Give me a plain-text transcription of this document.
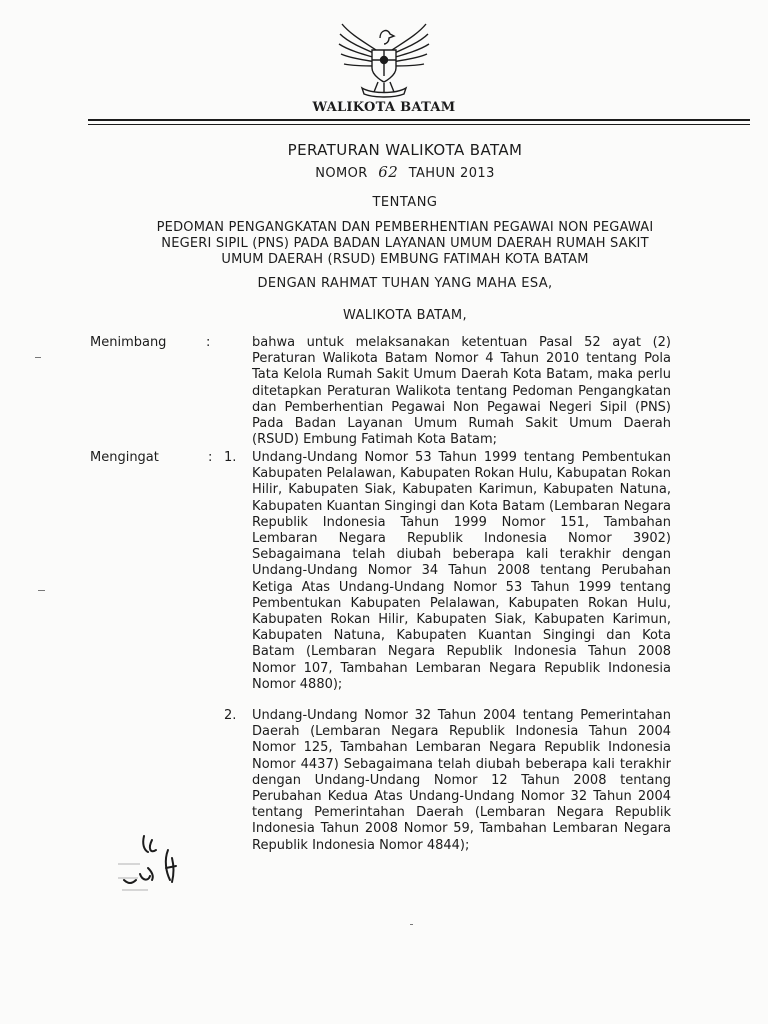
WALIKOTA BATAM
PERATURAN WALIKOTA BATAM
NOMOR 62 TAHUN 2013
TENTANG
PEDOMAN PENGANGKATAN DAN PEMBERHENTIAN PEGAWAI NON PEGAWAI
NEGERI SIPIL (PNS) PADA BADAN LAYANAN UMUM DAERAH RUMAH SAKIT
UMUM DAERAH (RSUD) EMBUNG FATIMAH KOTA BATAM
DENGAN RAHMAT TUHAN YANG MAHA ESA,
WALIKOTA BATAM,
Menimbang	:	bahwa untuk melaksanakan ketentuan Pasal 52 ayat (2) Peraturan Walikota Batam Nomor 4 Tahun 2010 tentang Pola Tata Kelola Rumah Sakit Umum Daerah Kota Batam, maka perlu ditetapkan Peraturan Walikota tentang Pedoman Pengangkatan dan Pemberhentian Pegawai Non Pegawai Negeri Sipil (PNS) Pada Badan Layanan Umum Rumah Sakit Umum Daerah (RSUD) Embung Fatimah Kota Batam;

Mengingat	: 1. Undang-Undang Nomor 53 Tahun 1999 tentang Pembentukan Kabupaten Pelalawan, Kabupaten Rokan Hulu, Kabupatan Rokan Hilir, Kabupaten Siak, Kabupaten Karimun, Kabupaten Natuna, Kabupaten Kuantan Singingi dan Kota Batam (Lembaran Negara Republik Indonesia Tahun 1999 Nomor 151, Tambahan Lembaran Negara Republik Indonesia Nomor 3902) Sebagaimana telah diubah beberapa kali terakhir dengan Undang-Undang Nomor 34 Tahun 2008 tentang Perubahan Ketiga Atas Undang-Undang Nomor 53 Tahun 1999 tentang Pembentukan Kabupaten Pelalawan, Kabupaten Rokan Hulu, Kabupaten Rokan Hilir, Kabupaten Siak, Kabupaten Karimun, Kabupaten Natuna, Kabupaten Kuantan Singingi dan Kota Batam (Lembaran Negara Republik Indonesia Tahun 2008 Nomor 107, Tambahan Lembaran Negara Republik Indonesia Nomor 4880);

2. Undang-Undang Nomor 32 Tahun 2004 tentang Pemerintahan Daerah (Lembaran Negara Republik Indonesia Tahun 2004 Nomor 125, Tambahan Lembaran Negara Republik Indonesia Nomor 4437) Sebagaimana telah diubah beberapa kali terakhir dengan Undang-Undang Nomor 12 Tahun 2008 tentang Perubahan Kedua Atas Undang-Undang Nomor 32 Tahun 2004 tentang Pemerintahan Daerah (Lembaran Negara Republik Indonesia Tahun 2008 Nomor 59, Tambahan Lembaran Negara Republik Indonesia Nomor 4844);
